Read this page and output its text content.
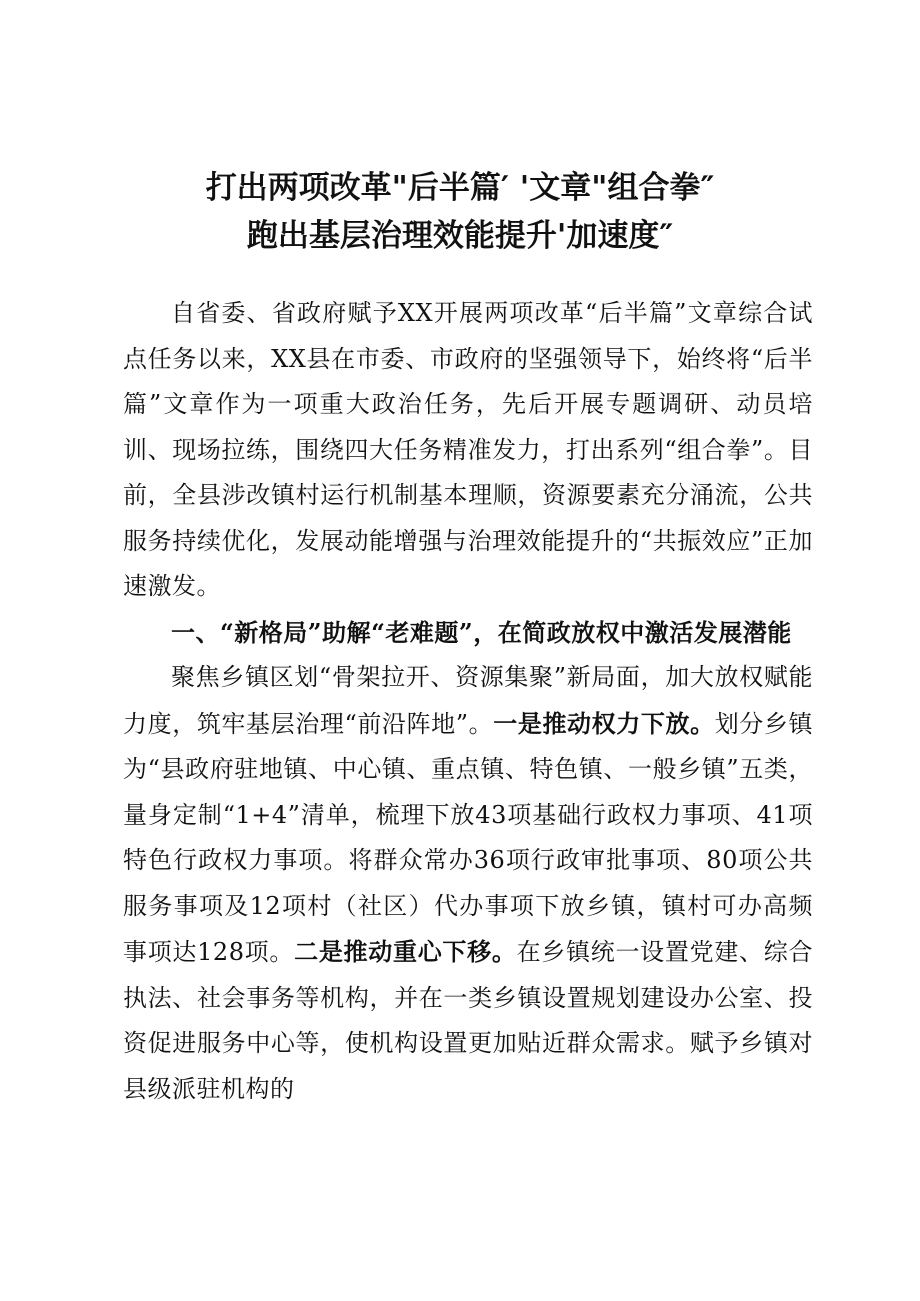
打出两项改革"后半篇′ '文章"组合拳″
跑出基层治理效能提升'加速度″

自省委、省政府赋予XX开展两项改革“后半篇”文章综合试点任务以来，XX县在市委、市政府的坚强领导下，始终将“后半篇”文章作为一项重大政治任务，先后开展专题调研、动员培训、现场拉练，围绕四大任务精准发力，打出系列“组合拳”。目前，全县涉改镇村运行机制基本理顺，资源要素充分涌流，公共服务持续优化，发展动能增强与治理效能提升的“共振效应”正加速激发。

一、“新格局”助解“老难题”，在简政放权中激活发展潜能

聚焦乡镇区划“骨架拉开、资源集聚”新局面，加大放权赋能力度，筑牢基层治理“前沿阵地”。一是推动权力下放。划分乡镇为“县政府驻地镇、中心镇、重点镇、特色镇、一般乡镇”五类，量身定制“1+4”清单，梳理下放43项基础行政权力事项、41项特色行政权力事项。将群众常办36项行政审批事项、80项公共服务事项及12项村（社区）代办事项下放乡镇，镇村可办高频事项达128项。二是推动重心下移。在乡镇统一设置党建、综合执法、社会事务等机构，并在一类乡镇设置规划建设办公室、投资促进服务中心等，使机构设置更加贴近群众需求。赋予乡镇对县级派驻机构的
